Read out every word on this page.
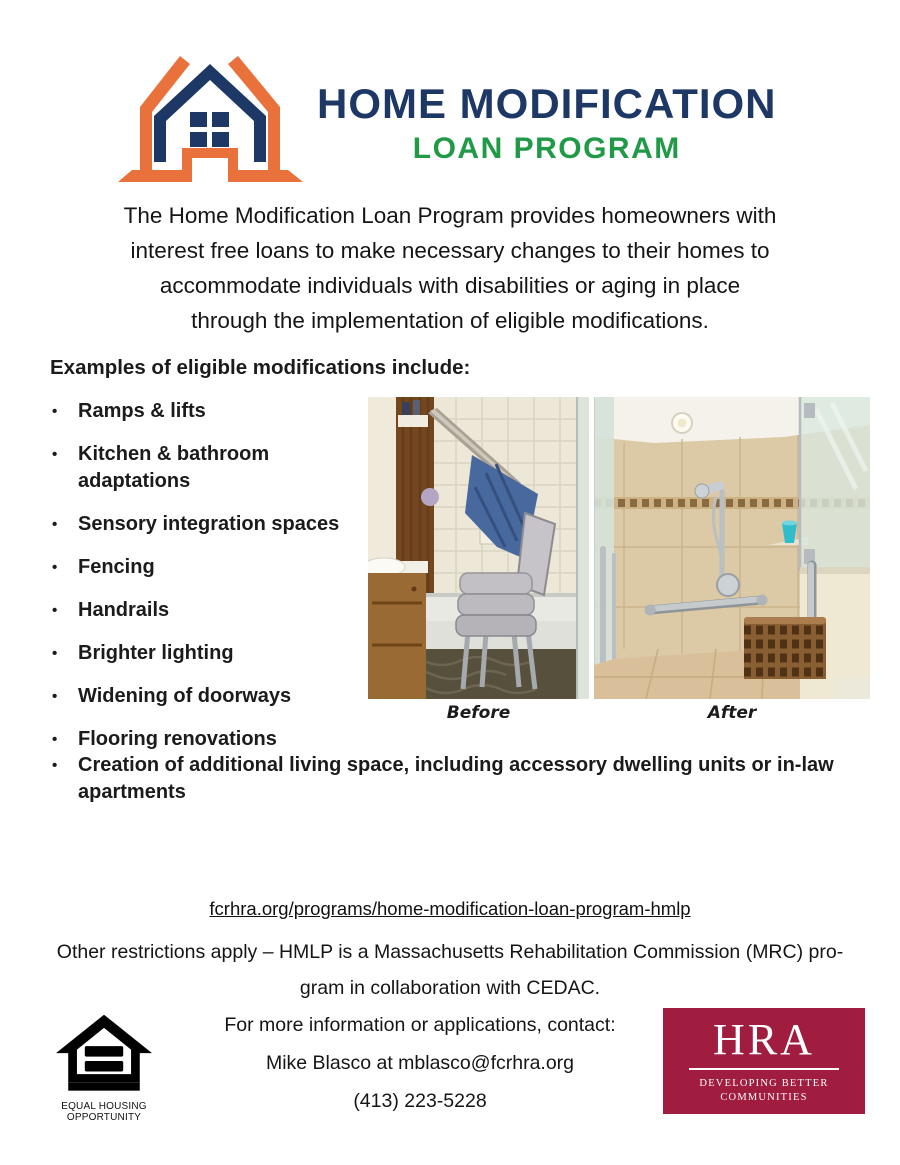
HOME MODIFICATION
LOAN PROGRAM
The Home Modification Loan Program provides homeowners with
interest free loans to make necessary changes to their homes to
accommodate individuals with disabilities or aging in place
through the implementation of eligible modifications.
Examples of eligible modifications include:
•	Ramps & lifts
•	Kitchen & bathroom adaptations
•	Sensory integration spaces
•	Fencing
•	Handrails
•	Brighter lighting
•	Widening of doorways
•	Flooring renovations
•	Creation of additional living space, including accessory dwelling units or in-law apartments
Before	After
fcrhra.org/programs/home-modification-loan-program-hmlp
Other restrictions apply – HMLP is a Massachusetts Rehabilitation Commission (MRC) pro-
gram in collaboration with CEDAC.
For more information or applications, contact:
Mike Blasco at mblasco@fcrhra.org
(413) 223-5228
EQUAL HOUSING
OPPORTUNITY
HRA
DEVELOPING BETTER
COMMUNITIES
